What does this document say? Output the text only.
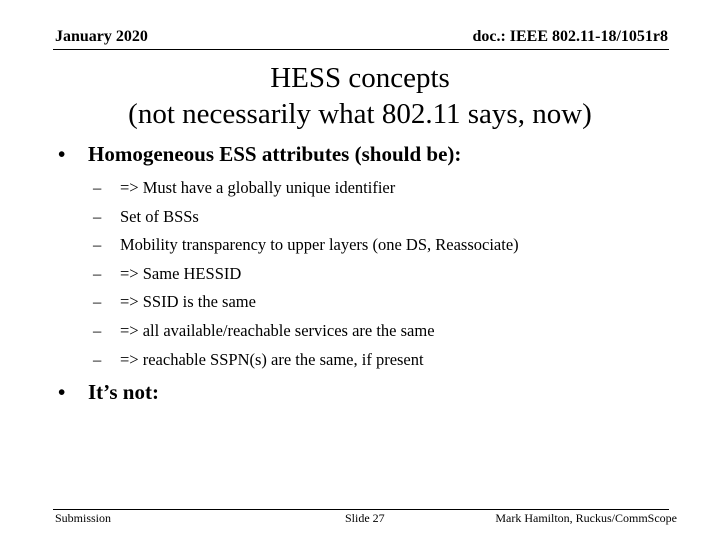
January 2020	doc.: IEEE 802.11-18/1051r8
HESS concepts
(not necessarily what 802.11 says, now)
•	Homogeneous ESS attributes (should be):
–	=> Must have a globally unique identifier
–	Set of BSSs
–	Mobility transparency to upper layers (one DS, Reassociate)
–	=> Same HESSID
–	=> SSID is the same
–	=> all available/reachable services are the same
–	=> reachable SSPN(s) are the same, if present
•	It’s not:
Submission	Slide 27	Mark Hamilton, Ruckus/CommScope
